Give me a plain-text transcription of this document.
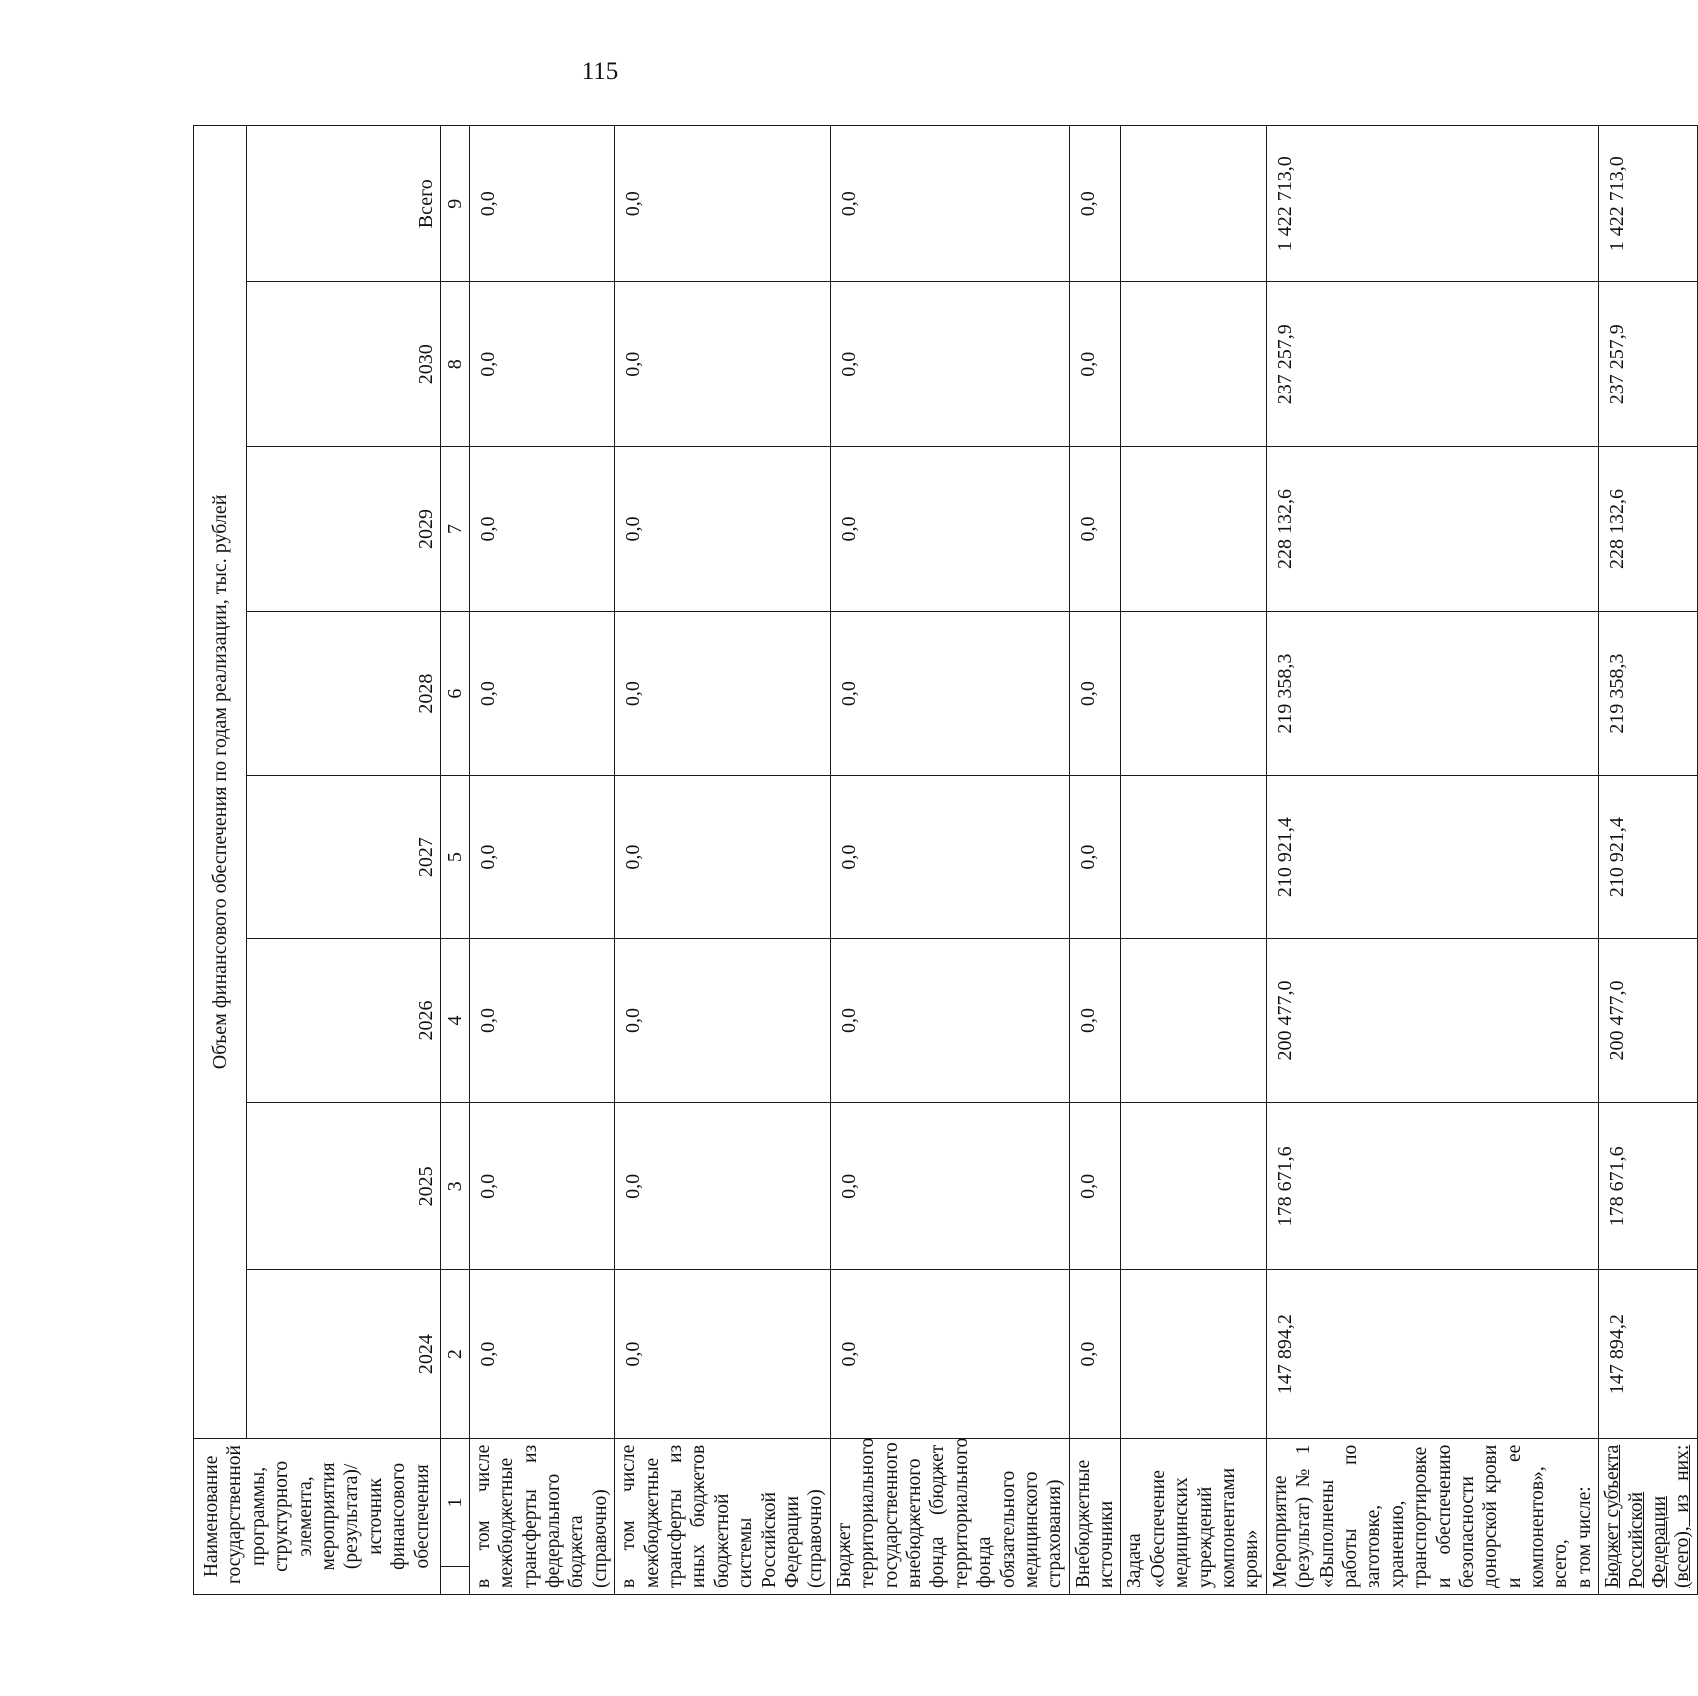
115
Наименование государственной программы, структурного элемента, мероприятия (результата)/источник финансового обеспечения		Объем финансового обеспечения по годам реализации, тыс. рублей							
		2024	2025	2026	2027	2028	2029	2030	Всего
	1	2	3	4	5	6	7	8	9
в том числе межбюджетные трансферты из федерального бюджета (справочно)		0,0	0,0	0,0	0,0	0,0	0,0	0,0	0,0
в том числе межбюджетные трансферты из иных бюджетов бюджетной системы Российской Федерации (справочно)		0,0	0,0	0,0	0,0	0,0	0,0	0,0	0,0
Бюджет территориального государственного внебюджетного фонда (бюджет территориального фонда обязательного медицинского страхования)		0,0	0,0	0,0	0,0	0,0	0,0	0,0	0,0
Внебюджетные источники		0,0	0,0	0,0	0,0	0,0	0,0	0,0	0,0
Задача «Обеспечение медицинских учреждений компонентами крови»									

Мероприятие (результат) № 1 «Выполнены работы по заготовке, хранению, транспортировке и обеспечению безопасности донорской крови и ее компонентов», всего, в том числе:		147 894,2	178 671,6	200 477,0	210 921,4	219 358,3	228 132,6	237 257,9	1 422 713,0
Бюджет субъекта Российской Федерации (всего), из них:		147 894,2	178 671,6	200 477,0	210 921,4	219 358,3	228 132,6	237 257,9	1 422 713,0
